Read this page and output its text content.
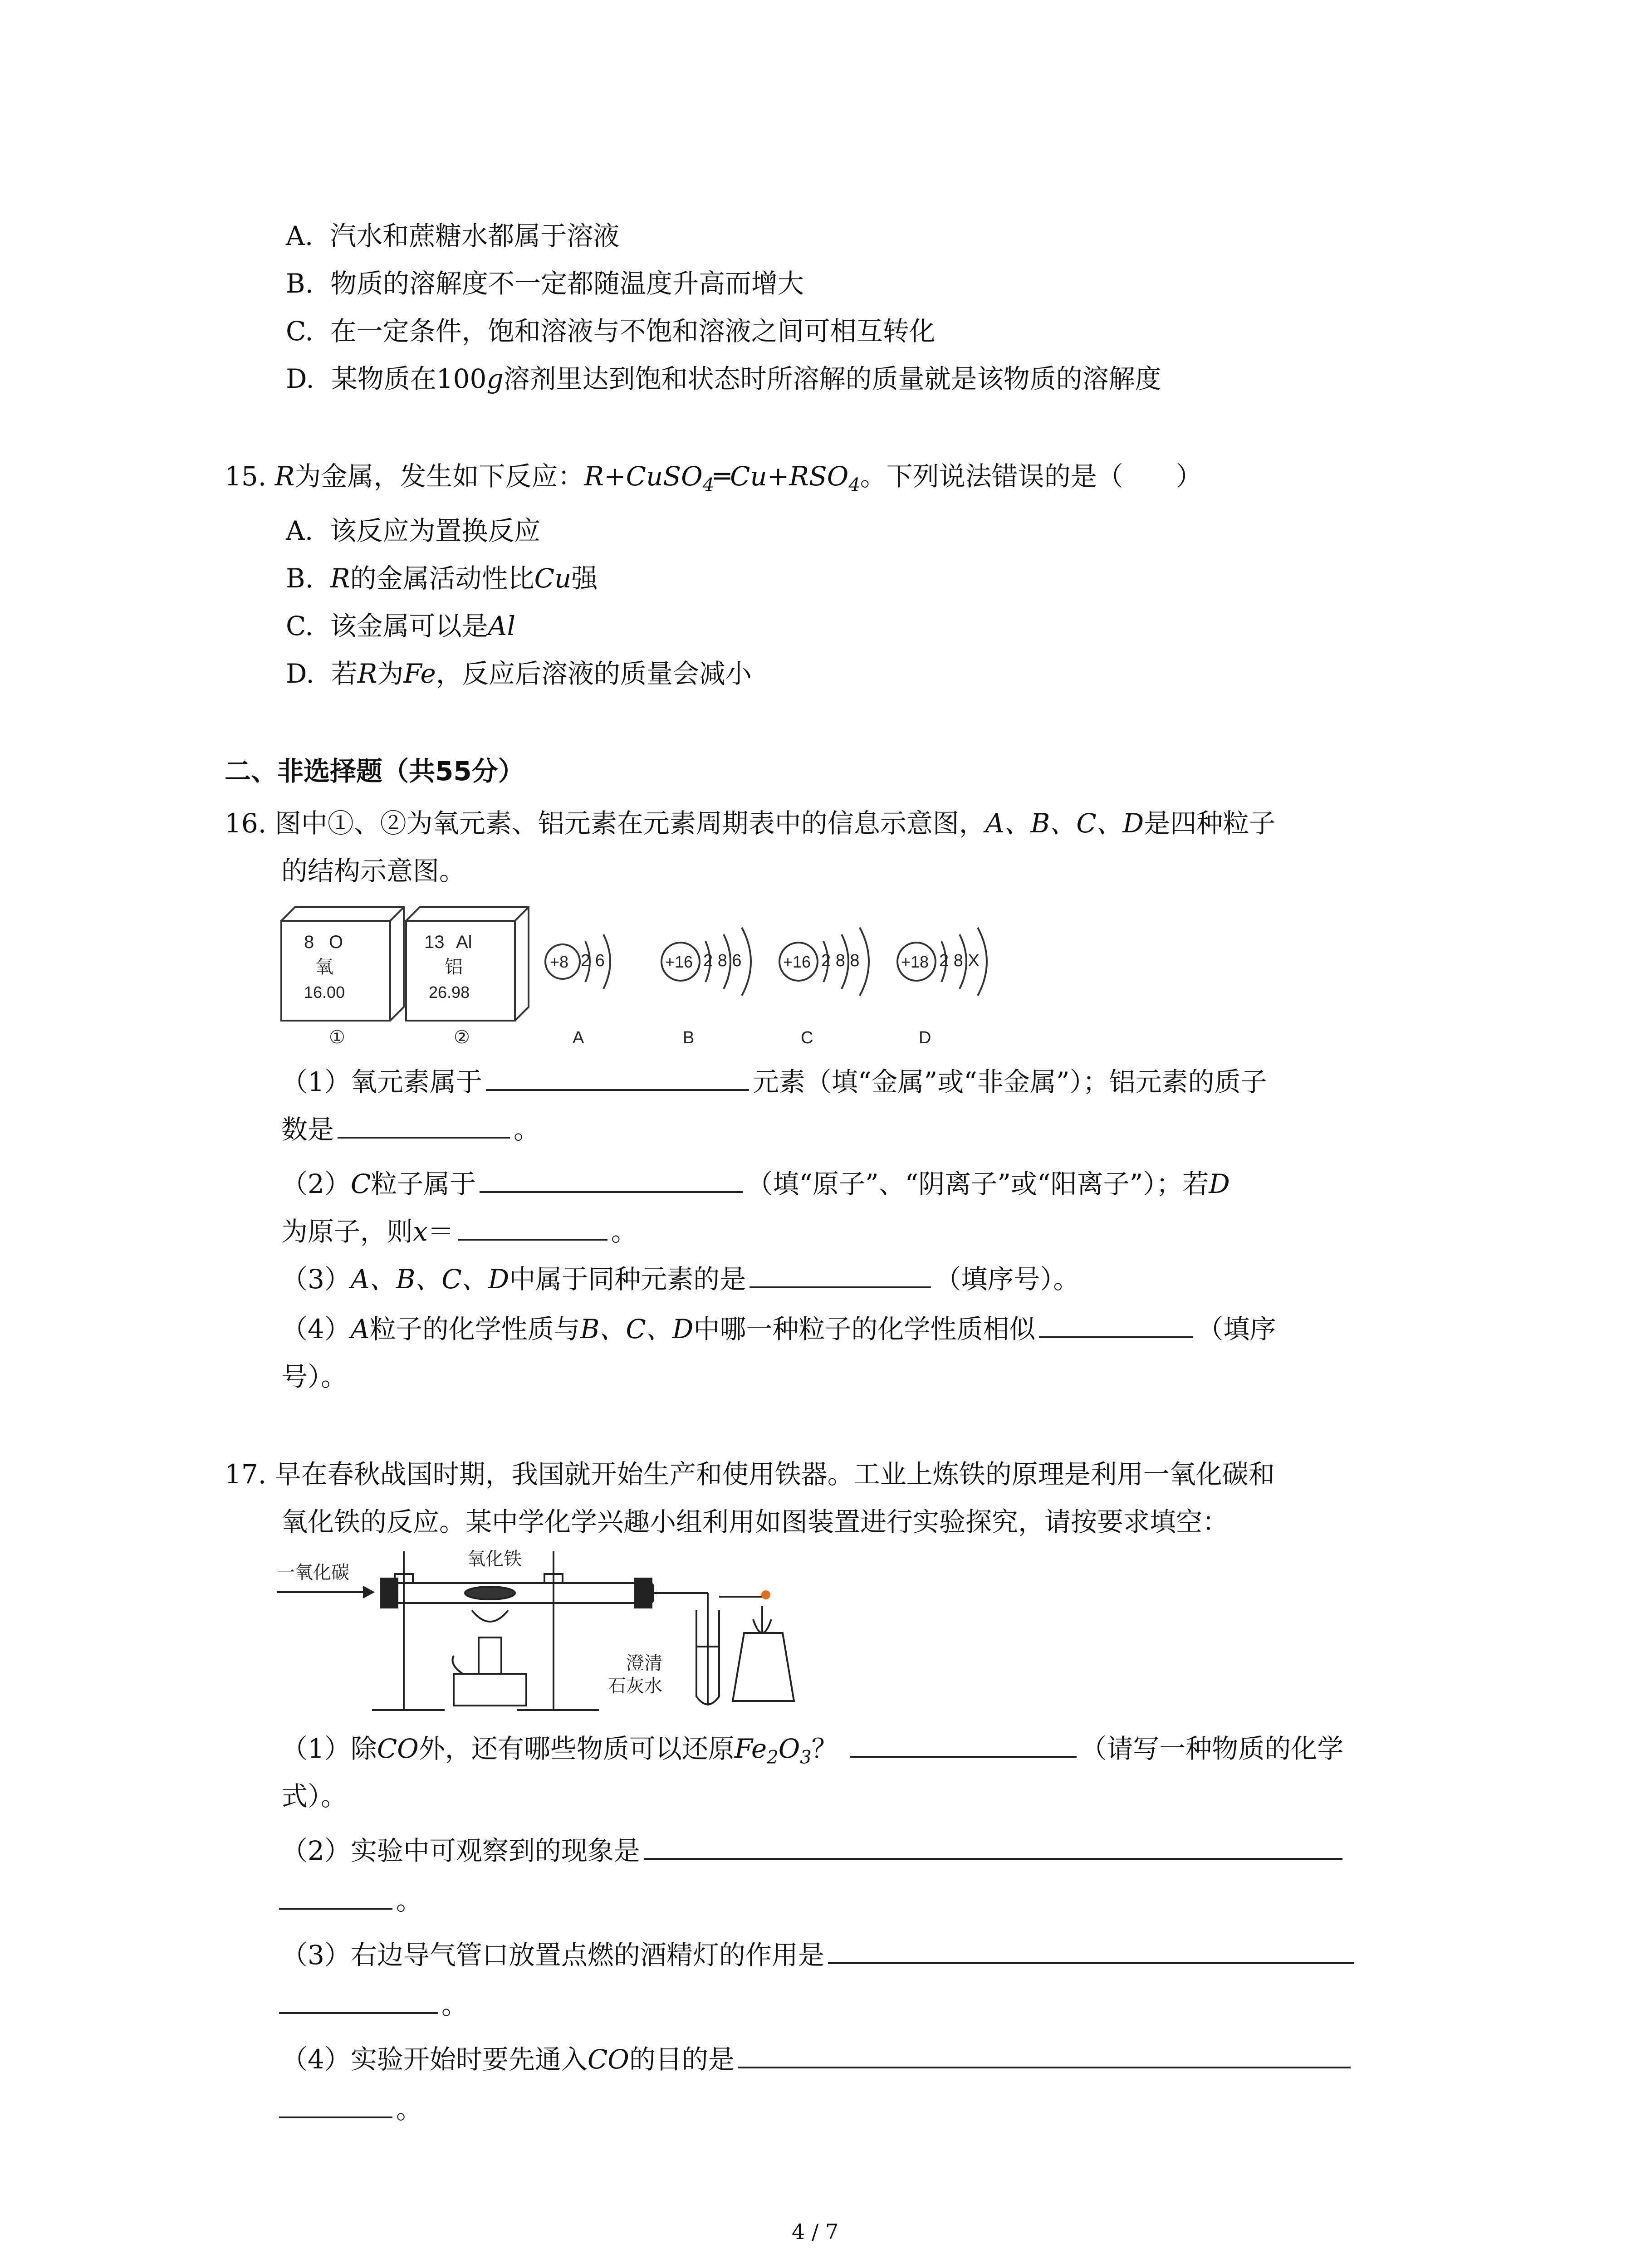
A. 汽水和蔗糖水都属于溶液
B. 物质的溶解度不一定都随温度升高而增大
C. 在一定条件，饱和溶液与不饱和溶液之间可相互转化
D. 某物质在100g溶剂里达到饱和状态时所溶解的质量就是该物质的溶解度
15. R为金属，发生如下反应：$R+CuSO_4═Cu+RSO_4$。下列说法错误的是（　　）
A. 该反应为置换反应
B. R的金属活动性比Cu强
C. 该金属可以是Al
D. 若R为Fe，反应后溶液的质量会减小
二、非选择题（共55分）
16. 图中①、②为氧元素、铝元素在元素周期表中的信息示意图，A、B、C、D是四种粒子
的结构示意图。
8 O
氧
16.00
①
13 Al
铝
26.98
②
+8 2 6
A
+16 2 8 6
B
+16 2 8 8
C
+18 2 8 X
D
（1）氧元素属于	元素（填“金属”或“非金属”）；铝元素的质子
数是	。
（2）C粒子属于	（填“原子”、“阴离子”或“阳离子”）；若D
为原子，则x＝	。
（3）A、B、C、D中属于同种元素的是	（填序号）。
（4）A粒子的化学性质与B、C、D中哪一种粒子的化学性质相似	（填序
号）。
17. 早在春秋战国时期，我国就开始生产和使用铁器。工业上炼铁的原理是利用一氧化碳和
氧化铁的反应。某中学化学兴趣小组利用如图装置进行实验探究，请按要求填空：
一氧化碳
氧化铁
澄清
石灰水
（1）除CO外，还有哪些物质可以还原$Fe_2O_3$？	（请写一种物质的化学
式）。
（2）实验中可观察到的现象是
。
（3）右边导气管口放置点燃的酒精灯的作用是
。
（4）实验开始时要先通入CO的目的是
。
4 / 7
